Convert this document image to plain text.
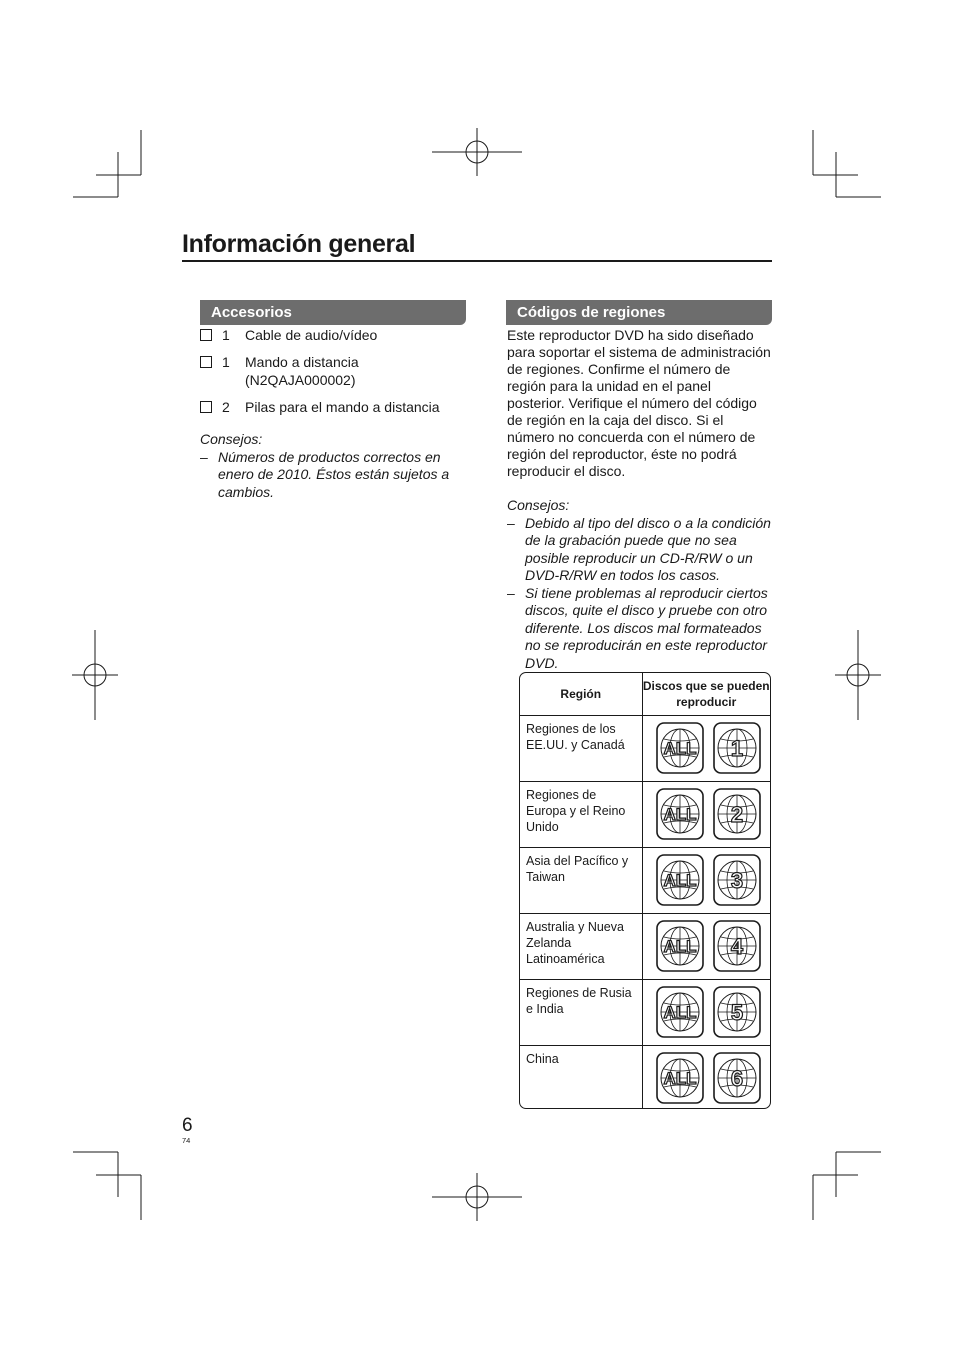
Información general
Accesorios
1 Cable de audio/vídeo
1 Mando a distancia (N2QAJA000002)
2 Pilas para el mando a distancia

Consejos:

– Números de productos correctos en enero de 2010. Éstos están sujetos a cambios.
Códigos de regiones

Este reproductor DVD ha sido diseñado para soportar el sistema de administración de regiones. Confirme el número de región para la unidad en el panel posterior. Verifique el número del código de región en la caja del disco. Si el número no concuerda con el número de región del reproductor, éste no podrá reproducir el disco.

Consejos:

– Debido al tipo del disco o a la condición de la grabación puede que no sea posible reproducir un CD-R/RW o un DVD-R/RW en todos los casos.
– Si tiene problemas al reproducir ciertos discos, quite el disco y pruebe con otro diferente. Los discos mal formateados no se reproducirán en este reproductor DVD.
Región	Discos que se pueden reproducir

Regiones de los EE.UU. y Canadá	ALL 1

Regiones de Europa y el Reino Unido	ALL 2

Asia del Pacífico y Taiwan	ALL 3

Australia y Nueva Zelanda Latinoamérica	ALL 4

Regiones de Rusia e India	ALL 5

China	ALL 6
6
74
